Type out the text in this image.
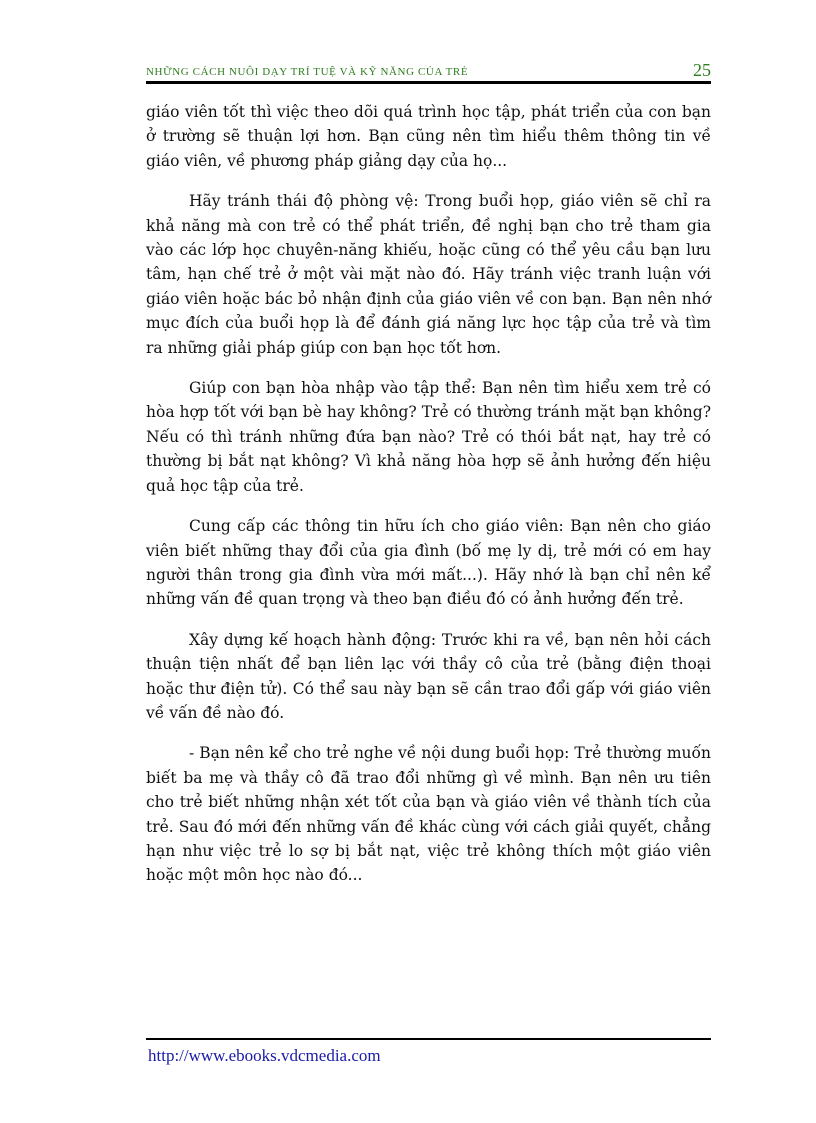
NHỮNG CÁCH NUÔI DẠY TRÍ TUỆ VÀ KỸ NĂNG CỦA TRẺ	25

giáo viên tốt thì việc theo dõi quá trình học tập, phát triển của con bạn ở trường sẽ thuận lợi hơn. Bạn cũng nên tìm hiểu thêm thông tin về giáo viên, về phương pháp giảng dạy của họ...

Hãy tránh thái độ phòng vệ: Trong buổi họp, giáo viên sẽ chỉ ra khả năng mà con trẻ có thể phát triển, đề nghị bạn cho trẻ tham gia vào các lớp học chuyên-năng khiếu, hoặc cũng có thể yêu cầu bạn lưu tâm, hạn chế trẻ ở một vài mặt nào đó. Hãy tránh việc tranh luận với giáo viên hoặc bác bỏ nhận định của giáo viên về con bạn. Bạn nên nhớ mục đích của buổi họp là để đánh giá năng lực học tập của trẻ và tìm ra những giải pháp giúp con bạn học tốt hơn.

Giúp con bạn hòa nhập vào tập thể: Bạn nên tìm hiểu xem trẻ có hòa hợp tốt với bạn bè hay không? Trẻ có thường tránh mặt bạn không? Nếu có thì tránh những đứa bạn nào? Trẻ có thói bắt nạt, hay trẻ có thường bị bắt nạt không? Vì khả năng hòa hợp sẽ ảnh hưởng đến hiệu quả học tập của trẻ.

Cung cấp các thông tin hữu ích cho giáo viên: Bạn nên cho giáo viên biết những thay đổi của gia đình (bố mẹ ly dị, trẻ mới có em hay người thân trong gia đình vừa mới mất...). Hãy nhớ là bạn chỉ nên kể những vấn đề quan trọng và theo bạn điều đó có ảnh hưởng đến trẻ.

Xây dựng kế hoạch hành động: Trước khi ra về, bạn nên hỏi cách thuận tiện nhất để bạn liên lạc với thầy cô của trẻ (bằng điện thoại hoặc thư điện tử). Có thể sau này bạn sẽ cần trao đổi gấp với giáo viên về vấn đề nào đó.

- Bạn nên kể cho trẻ nghe về nội dung buổi họp: Trẻ thường muốn biết ba mẹ và thầy cô đã trao đổi những gì về mình. Bạn nên ưu tiên cho trẻ biết những nhận xét tốt của bạn và giáo viên về thành tích của trẻ. Sau đó mới đến những vấn đề khác cùng với cách giải quyết, chẳng hạn như việc trẻ lo sợ bị bắt nạt, việc trẻ không thích một giáo viên hoặc một môn học nào đó...

http://www.ebooks.vdcmedia.com
